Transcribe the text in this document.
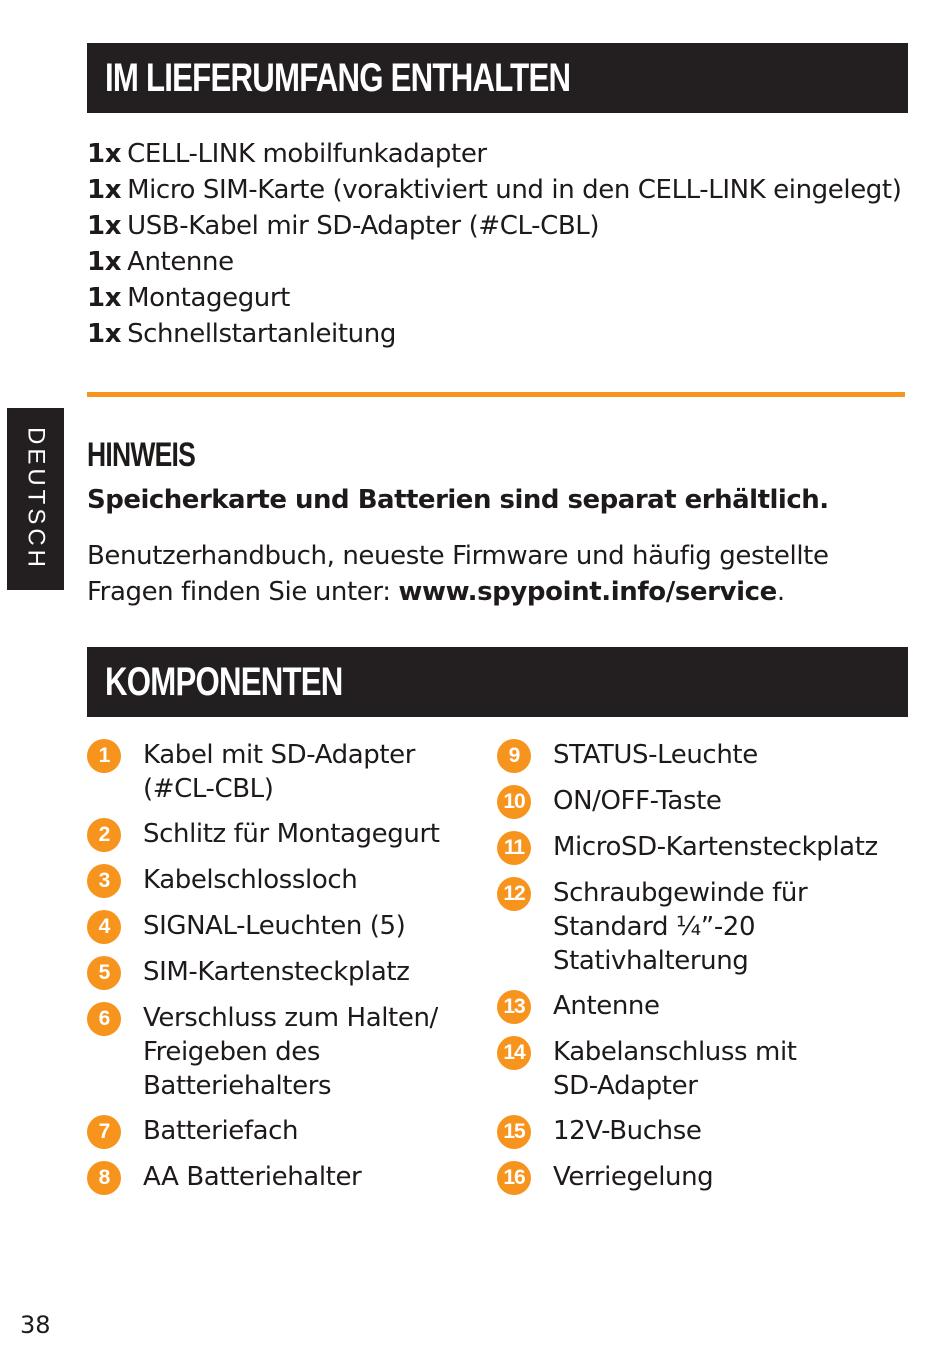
IM LIEFERUMFANG ENTHALTEN
1x CELL-LINK mobilfunkadapter
1x Micro SIM-Karte (voraktiviert und in den CELL-LINK eingelegt)
1x USB-Kabel mir SD-Adapter (#CL-CBL)
1x Antenne
1x Montagegurt
1x Schnellstartanleitung
DEUTSCH HINWEIS
Speicherkarte und Batterien sind separat erhältlich.
Benutzerhandbuch, neueste Firmware und häufig gestellte Fragen finden Sie unter: www.spypoint.info/service.
KOMPONENTEN
1	Kabel mit SD-Adapter
(#CL-CBL)
2	Schlitz für Montagegurt
3	Kabelschlossloch
4	SIGNAL-Leuchten (5)
5	SIM-Kartensteckplatz
6	Verschluss zum Halten/
Freigeben des
Batteriehalters
7	Batteriefach
8	AA Batteriehalter
9	STATUS-Leuchte
10 ON/OFF-Taste
11 MicroSD-Kartensteckplatz
12 Schraubgewinde für
Standard ¼”-20
Stativhalterung
13 Antenne
14 Kabelanschluss mit
SD-Adapter
15 12V-Buchse
16 Verriegelung
38
